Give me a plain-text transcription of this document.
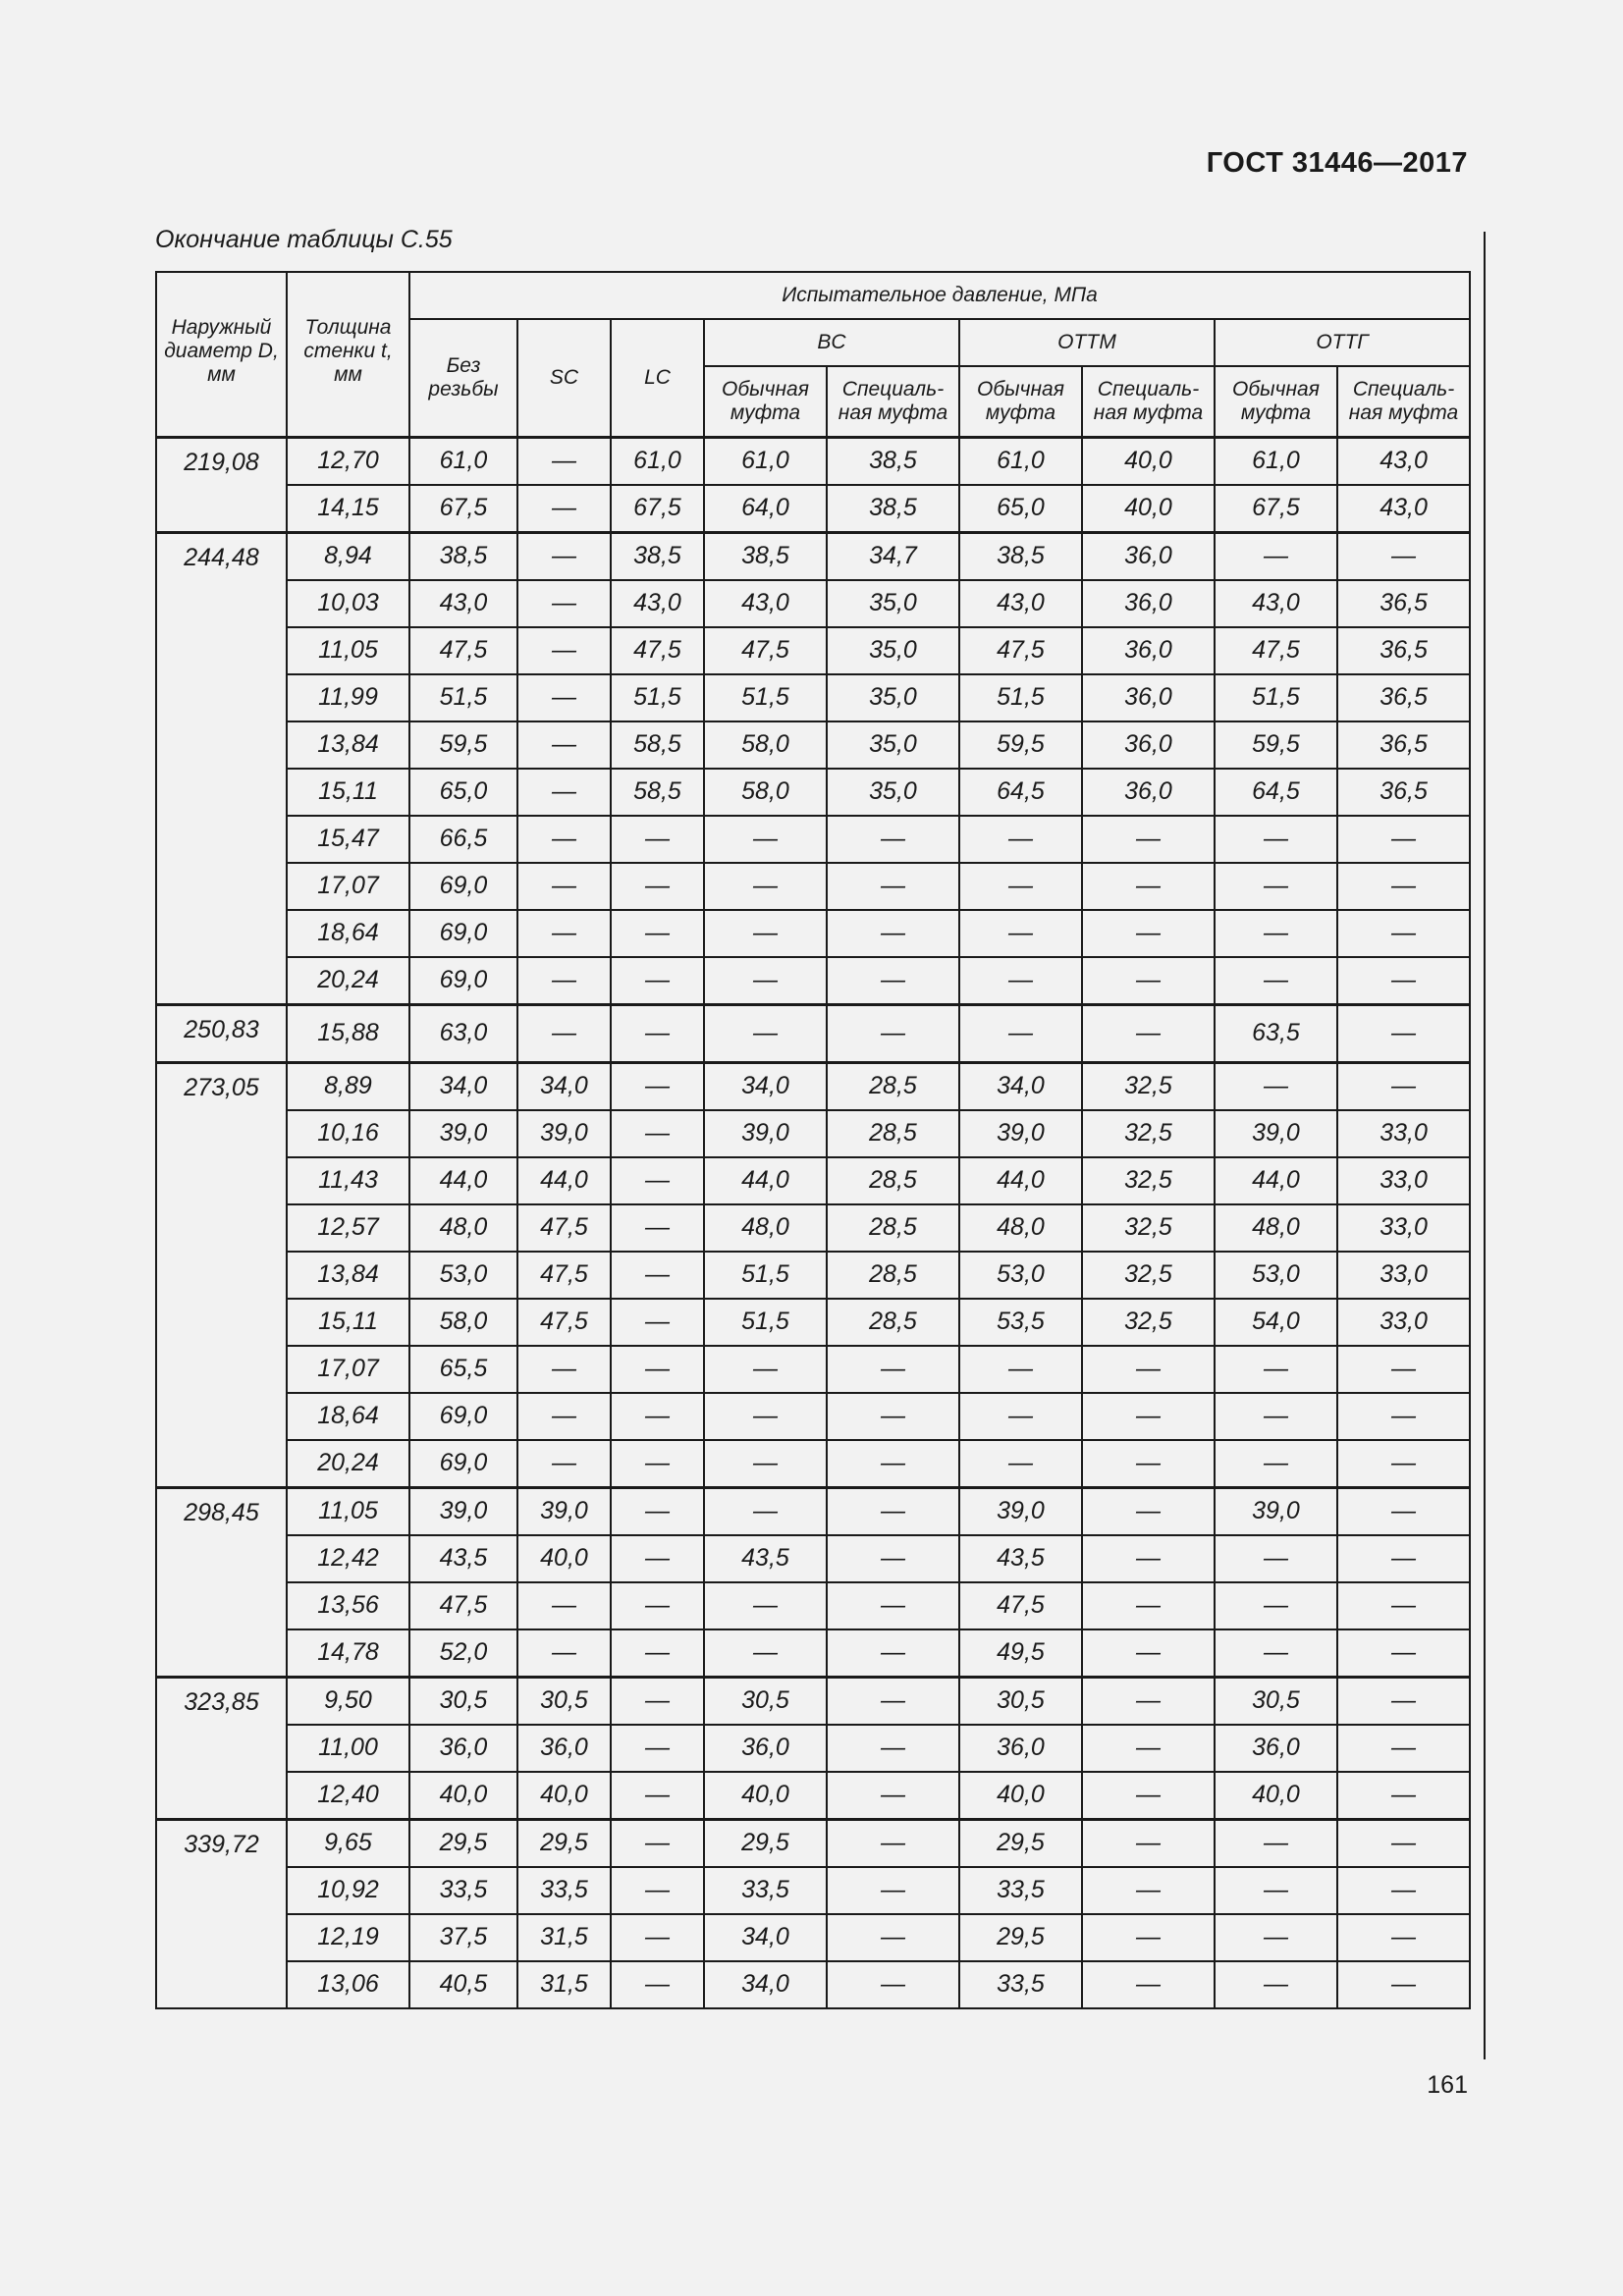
ГОСТ 31446—2017
Окончание таблицы С.55
Наружный диаметр D, мм	Толщина стенки t, мм	Испытательное давление, МПа								
		Без резьбы	SC	LC	BC		ОТТМ		ОТТГ	
					Обычная муфта	Специаль-ная муфта	Обычная муфта	Специаль-ная муфта	Обычная муфта	Специаль-ная муфта
219,08	12,70	61,0	—	61,0	61,0	38,5	61,0	40,0	61,0	43,0
	14,15	67,5	—	67,5	64,0	38,5	65,0	40,0	67,5	43,0
244,48	8,94	38,5	—	38,5	38,5	34,7	38,5	36,0	—	—
	10,03	43,0	—	43,0	43,0	35,0	43,0	36,0	43,0	36,5
	11,05	47,5	—	47,5	47,5	35,0	47,5	36,0	47,5	36,5
	11,99	51,5	—	51,5	51,5	35,0	51,5	36,0	51,5	36,5
	13,84	59,5	—	58,5	58,0	35,0	59,5	36,0	59,5	36,5
	15,11	65,0	—	58,5	58,0	35,0	64,5	36,0	64,5	36,5
	15,47	66,5	—	—	—	—	—	—	—	—
	17,07	69,0	—	—	—	—	—	—	—	—
	18,64	69,0	—	—	—	—	—	—	—	—
	20,24	69,0	—	—	—	—	—	—	—	—
250,83	15,88	63,0	—	—	—	—	—	—	63,5	—
273,05	8,89	34,0	34,0	—	34,0	28,5	34,0	32,5	—	—
	10,16	39,0	39,0	—	39,0	28,5	39,0	32,5	39,0	33,0
	11,43	44,0	44,0	—	44,0	28,5	44,0	32,5	44,0	33,0
	12,57	48,0	47,5	—	48,0	28,5	48,0	32,5	48,0	33,0
	13,84	53,0	47,5	—	51,5	28,5	53,0	32,5	53,0	33,0
	15,11	58,0	47,5	—	51,5	28,5	53,5	32,5	54,0	33,0
	17,07	65,5	—	—	—	—	—	—	—	—
	18,64	69,0	—	—	—	—	—	—	—	—
	20,24	69,0	—	—	—	—	—	—	—	—
298,45	11,05	39,0	39,0	—	—	—	39,0	—	39,0	—
	12,42	43,5	40,0	—	43,5	—	43,5	—	—	—
	13,56	47,5	—	—	—	—	47,5	—	—	—
	14,78	52,0	—	—	—	—	49,5	—	—	—
323,85	9,50	30,5	30,5	—	30,5	—	30,5	—	30,5	—
	11,00	36,0	36,0	—	36,0	—	36,0	—	36,0	—
	12,40	40,0	40,0	—	40,0	—	40,0	—	40,0	—
339,72	9,65	29,5	29,5	—	29,5	—	29,5	—	—	—
	10,92	33,5	33,5	—	33,5	—	33,5	—	—	—
	12,19	37,5	31,5	—	34,0	—	29,5	—	—	—
	13,06	40,5	31,5	—	34,0	—	33,5	—	—	—
161
